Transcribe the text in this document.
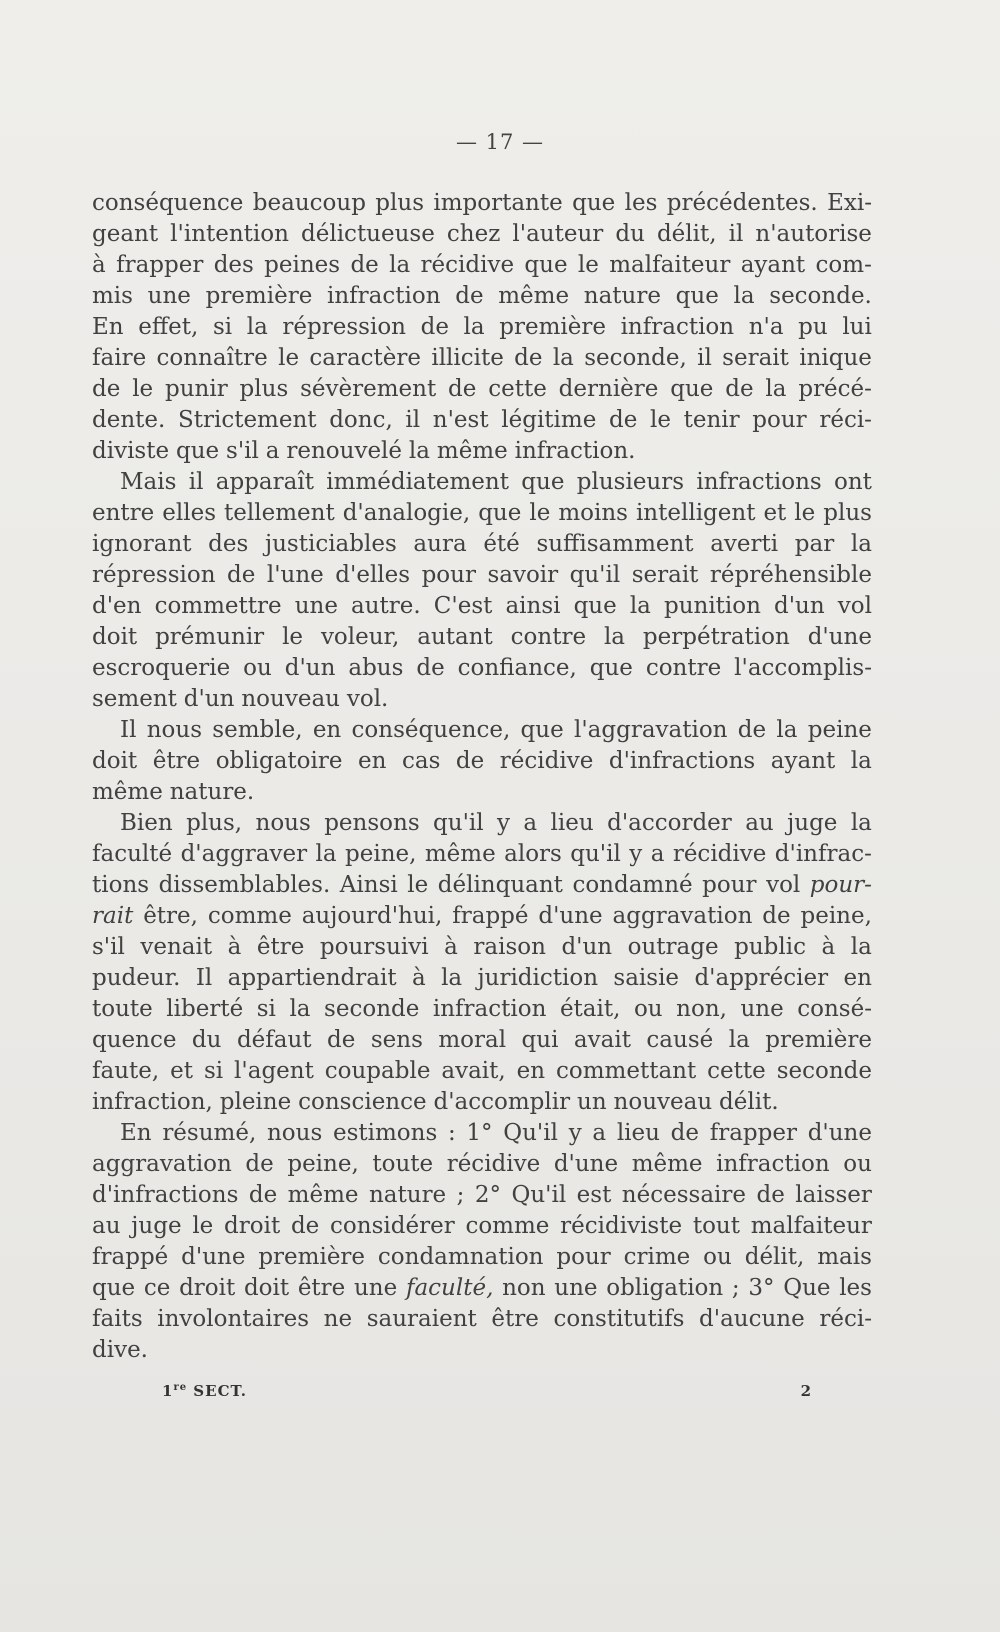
— 17 —
conséquence beaucoup plus importante que les précédentes. Exi-
geant l'intention délictueuse chez l'auteur du délit, il n'autorise
à frapper des peines de la récidive que le malfaiteur ayant com-
mis une première infraction de même nature que la seconde.
En effet, si la répression de la première infraction n'a pu lui
faire connaître le caractère illicite de la seconde, il serait inique
de le punir plus sévèrement de cette dernière que de la précé-
dente. Strictement donc, il n'est légitime de le tenir pour réci-
diviste que s'il a renouvelé la même infraction.
Mais il apparaît immédiatement que plusieurs infractions ont
entre elles tellement d'analogie, que le moins intelligent et le plus
ignorant des justiciables aura été suffisamment averti par la
répression de l'une d'elles pour savoir qu'il serait répréhensible
d'en commettre une autre. C'est ainsi que la punition d'un vol
doit prémunir le voleur, autant contre la perpétration d'une
escroquerie ou d'un abus de confiance, que contre l'accomplis-
sement d'un nouveau vol.
Il nous semble, en conséquence, que l'aggravation de la peine
doit être obligatoire en cas de récidive d'infractions ayant la
même nature.
Bien plus, nous pensons qu'il y a lieu d'accorder au juge la
faculté d'aggraver la peine, même alors qu'il y a récidive d'infrac-
tions dissemblables. Ainsi le délinquant condamné pour vol pour-
rait être, comme aujourd'hui, frappé d'une aggravation de peine,
s'il venait à être poursuivi à raison d'un outrage public à la
pudeur. Il appartiendrait à la juridiction saisie d'apprécier en
toute liberté si la seconde infraction était, ou non, une consé-
quence du défaut de sens moral qui avait causé la première
faute, et si l'agent coupable avait, en commettant cette seconde
infraction, pleine conscience d'accomplir un nouveau délit.
En résumé, nous estimons : 1° Qu'il y a lieu de frapper d'une
aggravation de peine, toute récidive d'une même infraction ou
d'infractions de même nature ; 2° Qu'il est nécessaire de laisser
au juge le droit de considérer comme récidiviste tout malfaiteur
frappé d'une première condamnation pour crime ou délit, mais
que ce droit doit être une faculté, non une obligation ; 3° Que les
faits involontaires ne sauraient être constitutifs d'aucune réci-
dive.
1re SECT.	2
